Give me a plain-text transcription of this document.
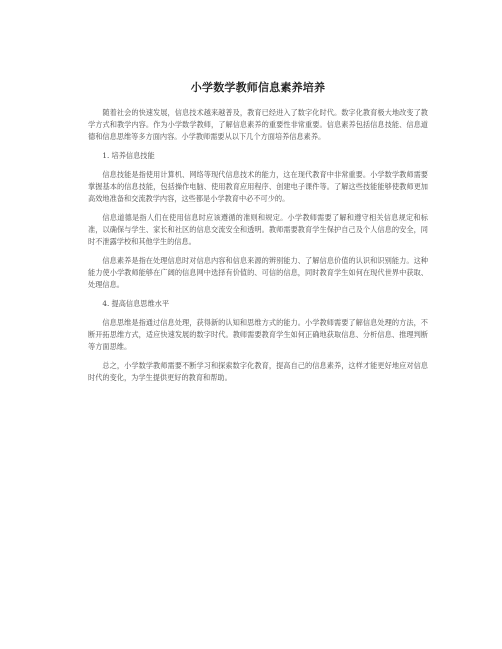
小学数学教师信息素养培养

随着社会的快速发展，信息技术越来越普及，教育已经进入了数字化时代。数字化教育极大地改变了教学方式和教学内容。作为小学数学教师，了解信息素养的重要性非常重要。信息素养包括信息技能、信息道德和信息思维等多方面内容。小学教师需要从以下几个方面培养信息素养。

1. 培养信息技能

信息技能是指使用计算机、网络等现代信息技术的能力，这在现代教育中非常重要。小学数学教师需要掌握基本的信息技能，包括操作电脑、使用教育应用程序、创建电子课件等。了解这些技能能够使教师更加高效地准备和交流教学内容，这些都是小学教育中必不可少的。

信息道德是指人们在使用信息时应该遵循的准则和规定。小学教师需要了解和遵守相关信息规定和标准，以确保与学生、家长和社区的信息交流安全和透明。教师需要教育学生保护自己及个人信息的安全，同时不泄露学校和其他学生的信息。

信息素养是指在处理信息时对信息内容和信息来源的辨别能力、了解信息价值的认识和识别能力。这种能力使小学教师能够在广阔的信息网中选择有价值的、可信的信息，同时教育学生如何在现代世界中获取、处理信息。

4. 提高信息思维水平

信息思维是指通过信息处理，获得新的认知和思维方式的能力。小学教师需要了解信息处理的方法，不断开拓思维方式，适应快速发展的数字时代。教师需要教育学生如何正确地获取信息、分析信息、推理判断等方面思维。

总之，小学数学教师需要不断学习和探索数字化教育，提高自己的信息素养，这样才能更好地应对信息时代的变化，为学生提供更好的教育和帮助。
